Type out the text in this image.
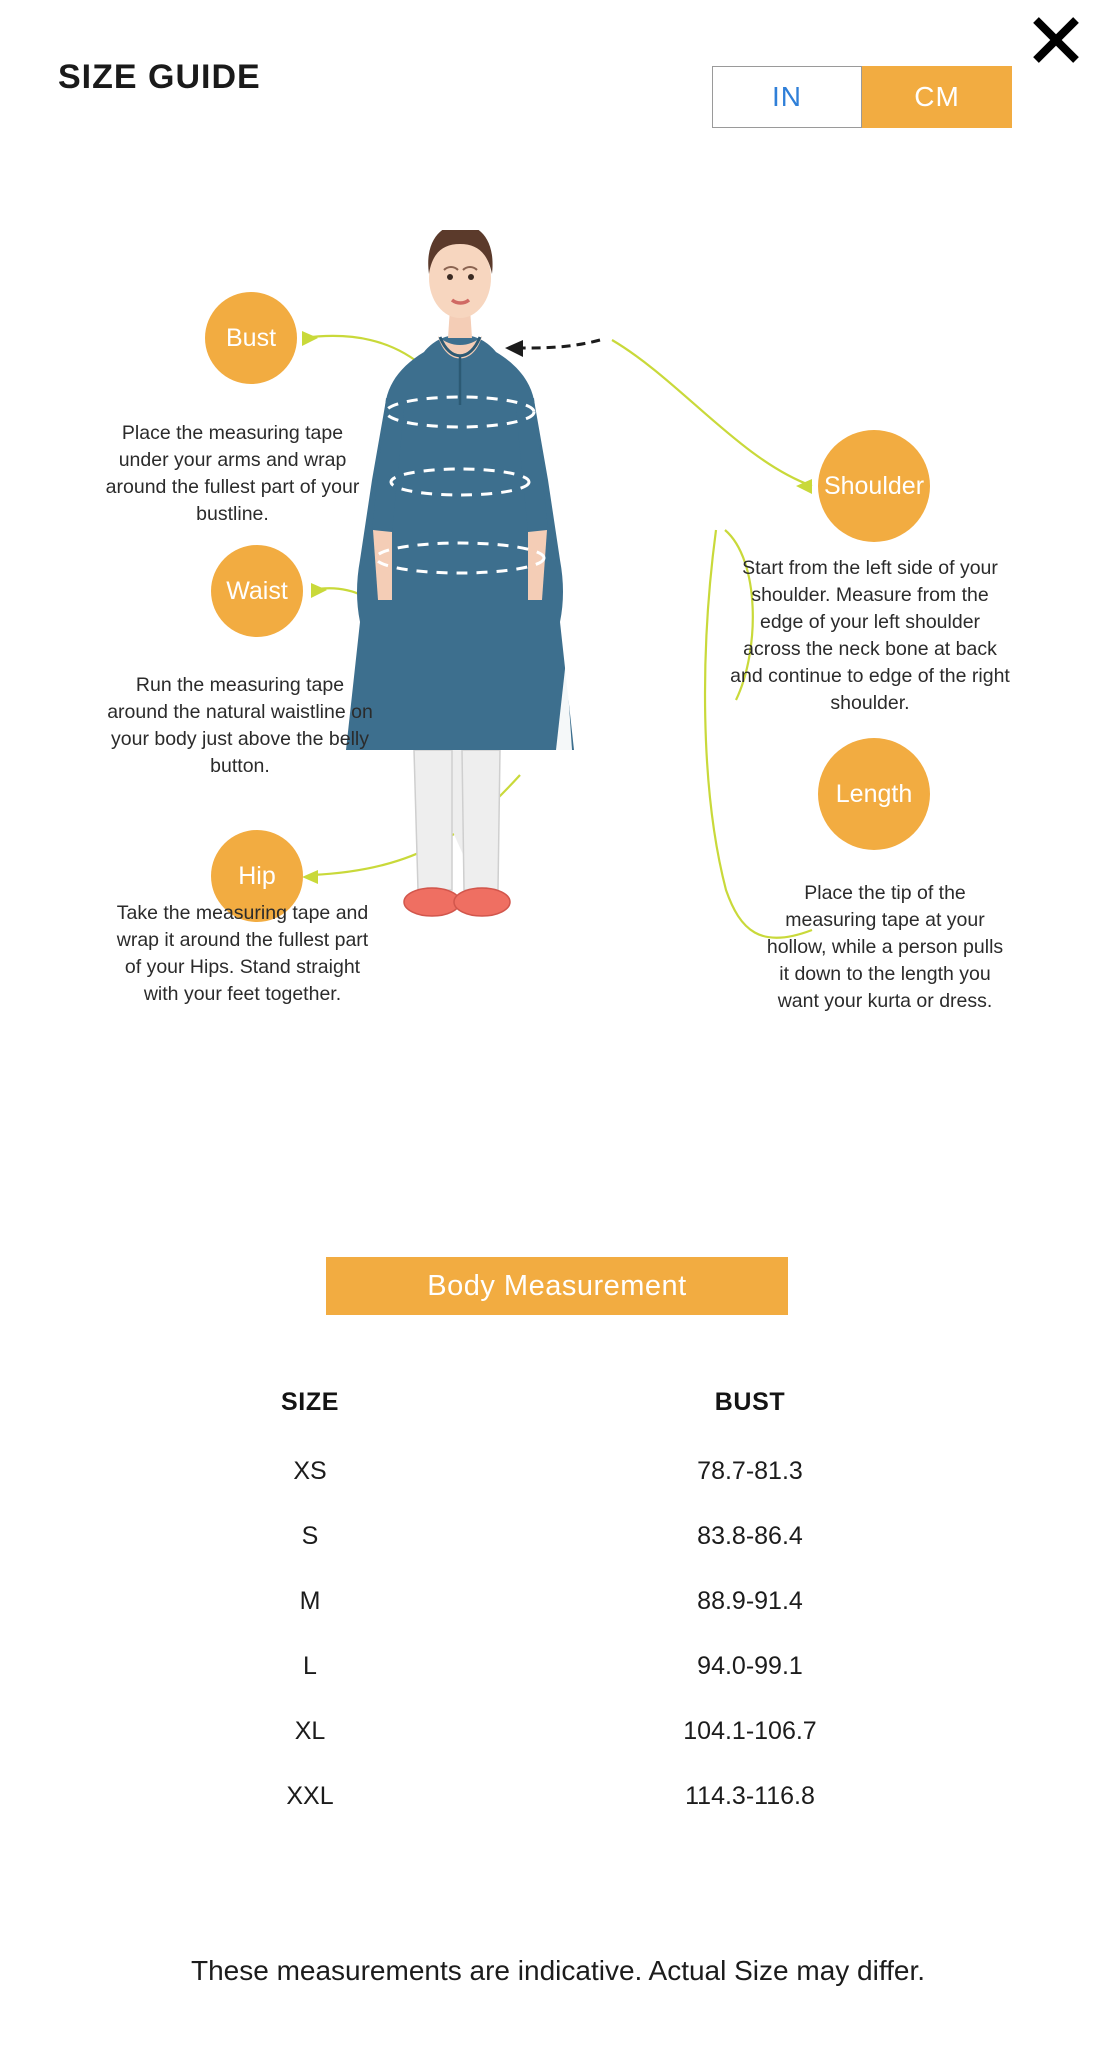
SIZE GUIDE
IN	CM
Bust
Waist
Hip
Shoulder
Length
Place the measuring tape under your arms and wrap around the fullest part of your bustline.
Run the measuring tape around the natural waistline on your body just above the belly button.
Take the measuring tape and wrap it around the fullest part of your Hips. Stand straight with your feet together.
Start from the left side of your shoulder. Measure from the edge of your left shoulder across the neck bone at back and continue to edge of the right shoulder.
Place the tip of the measuring tape at your hollow, while a person pulls it down to the length you want your kurta or dress.
Body Measurement
SIZE	BUST
XS	78.7-81.3
S	83.8-86.4
M	88.9-91.4
L	94.0-99.1
XL	104.1-106.7
XXL	114.3-116.8
These measurements are indicative. Actual Size may differ.
